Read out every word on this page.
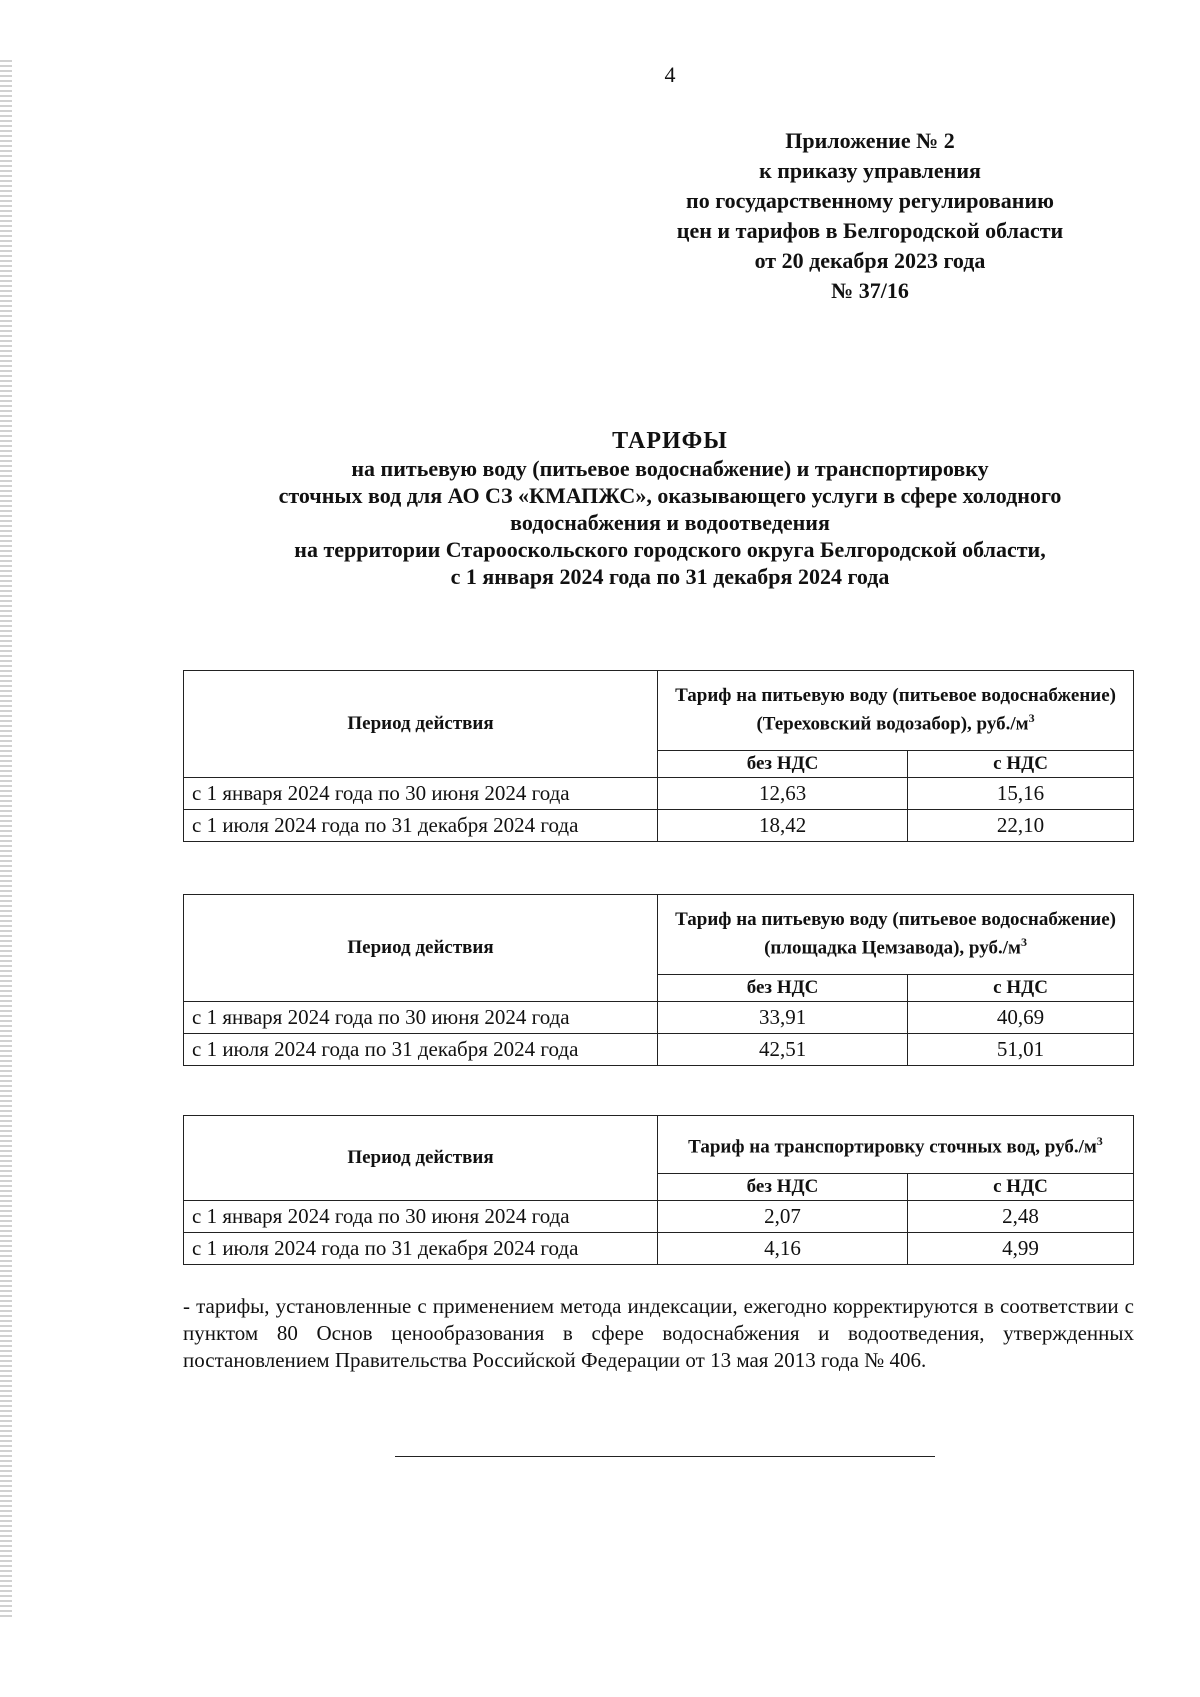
4
Приложение № 2
к приказу управления
по государственному регулированию
цен и тарифов в Белгородской области
от 20 декабря 2023 года
№ 37/16
ТАРИФЫ
на питьевую воду (питьевое водоснабжение) и транспортировку
сточных вод для АО СЗ «КМАПЖС», оказывающего услуги в сфере холодного
водоснабжения и водоотведения
на территории Старооскольского городского округа Белгородской области,
с 1 января 2024 года по 31 декабря 2024 года
Период действия	Тариф на питьевую воду (питьевое водоснабжение) (Тереховский водозабор), $руб./м^3$
	без НДС	с НДС
с 1 января 2024 года по 30 июня 2024 года	12,63	15,16
с 1 июля 2024 года по 31 декабря 2024 года	18,42	22,10
Период действия	Тариф на питьевую воду (питьевое водоснабжение) (площадка Цемзавода), $руб./м^3$
	без НДС	с НДС
с 1 января 2024 года по 30 июня 2024 года	33,91	40,69
с 1 июля 2024 года по 31 декабря 2024 года	42,51	51,01
Период действия	Тариф на транспортировку сточных вод, $руб./м^3$
	без НДС	с НДС
с 1 января 2024 года по 30 июня 2024 года	2,07	2,48
с 1 июля 2024 года по 31 декабря 2024 года	4,16	4,99
- тарифы, установленные с применением метода индексации, ежегодно корректируются в соответствии с пунктом 80 Основ ценообразования в сфере водоснабжения и водоотведения, утвержденных постановлением Правительства Российской Федерации от 13 мая 2013 года № 406.
